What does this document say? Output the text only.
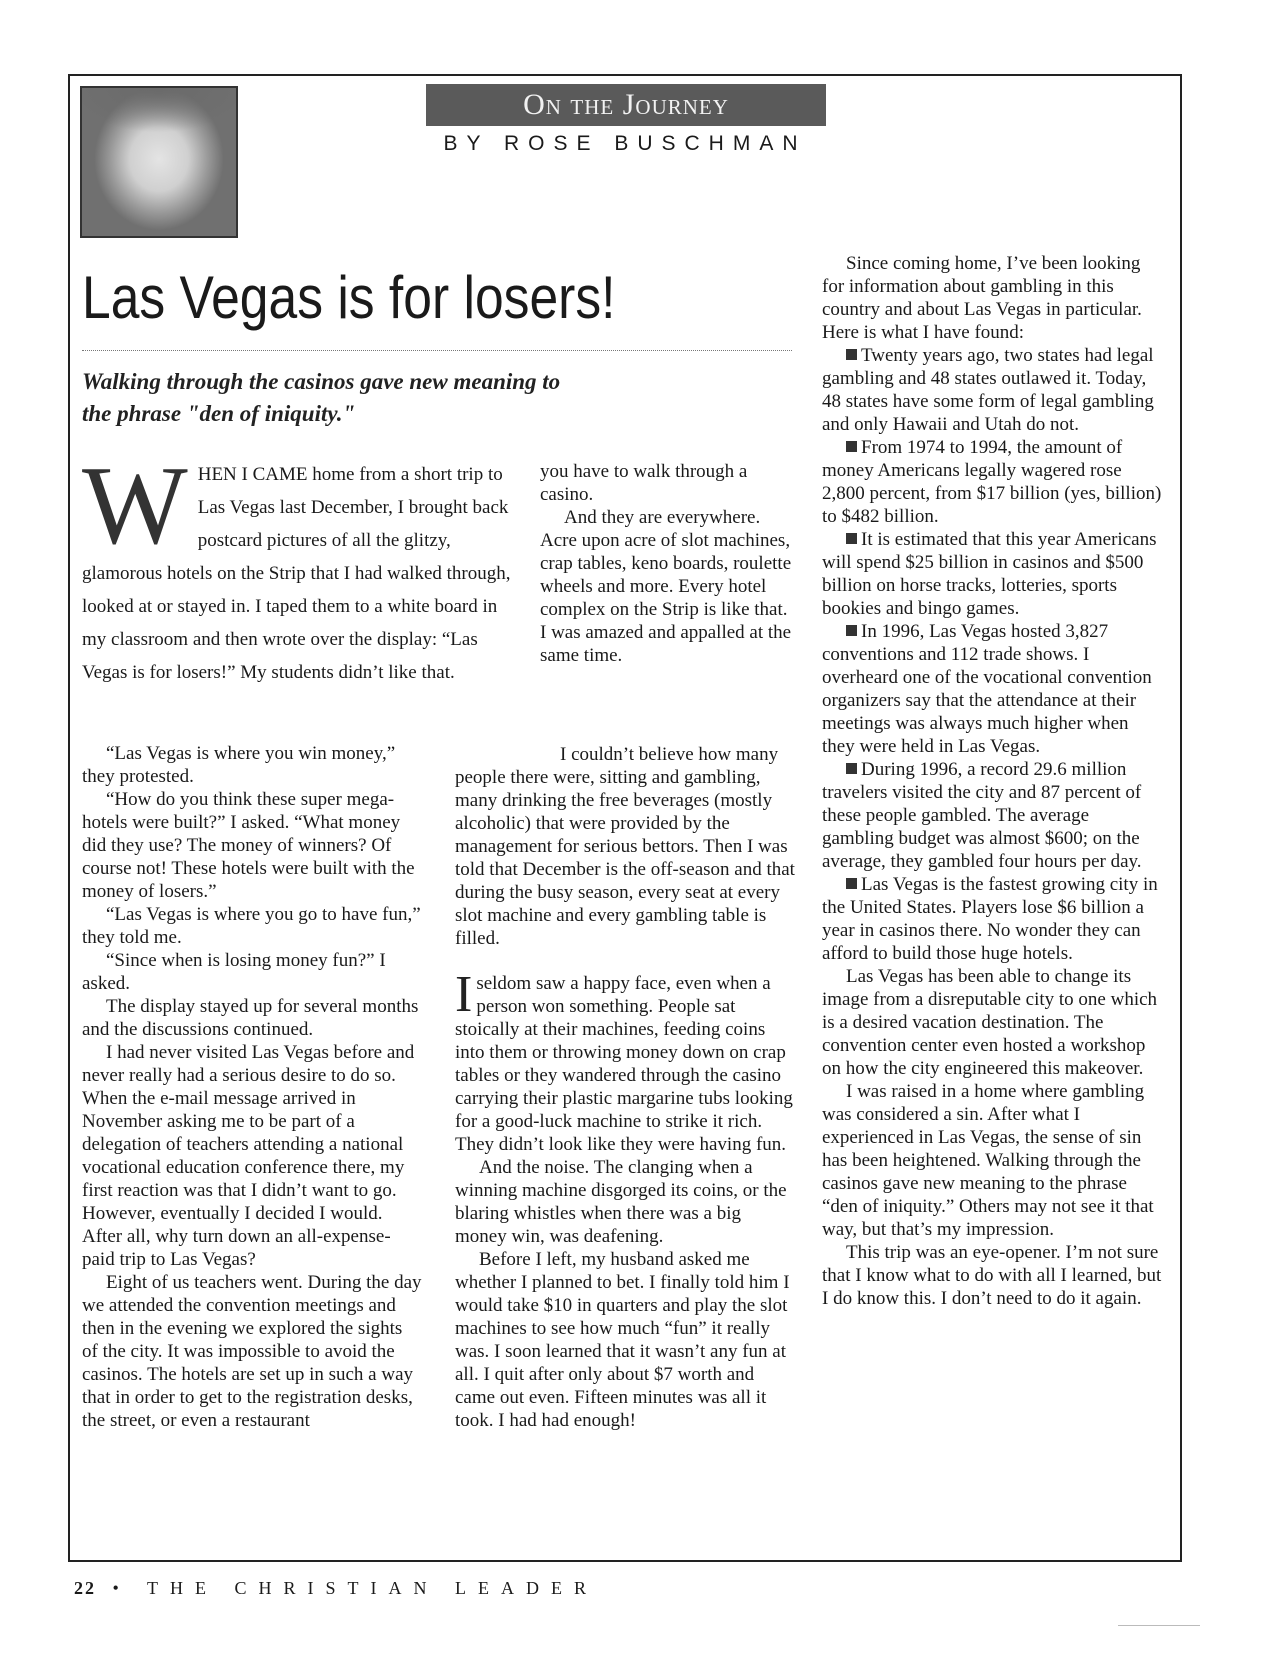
On the Journey
BY ROSE BUSCHMAN
Las Vegas is for losers!
Walking through the casinos gave new meaning to the phrase "den of iniquity."

WHEN I CAME home from a short trip to Las Vegas last December, I brought back postcard pictures of all the glitzy, glamorous hotels on the Strip that I had walked through, looked at or stayed in. I taped them to a white board in my classroom and then wrote over the display: “Las Vegas is for losers!” My students didn’t like that.

“Las Vegas is where you win money,” they protested.

“How do you think these super mega-hotels were built?” I asked. “What money did they use? The money of winners? Of course not! These hotels were built with the money of losers.”

“Las Vegas is where you go to have fun,” they told me.

“Since when is losing money fun?” I asked.

The display stayed up for several months and the discussions continued.

I had never visited Las Vegas before and never really had a serious desire to do so. When the e-mail message arrived in November asking me to be part of a delegation of teachers attending a national vocational education conference there, my first reaction was that I didn’t want to go. However, eventually I decided I would. After all, why turn down an all-expense-paid trip to Las Vegas?

Eight of us teachers went. During the day we attended the convention meetings and then in the evening we explored the sights of the city. It was impossible to avoid the casinos. The hotels are set up in such a way that in order to get to the registration desks, the street, or even a restaurant

you have to walk through a casino.

And they are everywhere. Acre upon acre of slot machines, crap tables, keno boards, roulette wheels and more. Every hotel complex on the Strip is like that. I was amazed and appalled at the same time.

I couldn’t believe how many people there were, sitting and gambling, many drinking the free beverages (mostly alcoholic) that were provided by the management for serious bettors. Then I was told that December is the off-season and that during the busy season, every seat at every slot machine and every gambling table is filled.

Iseldom saw a happy face, even when a person won something. People sat stoically at their machines, feeding coins into them or throwing money down on crap tables or they wandered through the casino carrying their plastic margarine tubs looking for a good-luck machine to strike it rich. They didn’t look like they were having fun.

And the noise. The clanging when a winning machine disgorged its coins, or the blaring whistles when there was a big money win, was deafening.

Before I left, my husband asked me whether I planned to bet. I finally told him I would take $10 in quarters and play the slot machines to see how much “fun” it really was. I soon learned that it wasn’t any fun at all. I quit after only about $7 worth and came out even. Fifteen minutes was all it took. I had had enough!

Since coming home, I’ve been looking for information about gambling in this country and about Las Vegas in particular. Here is what I have found:

Twenty years ago, two states had legal gambling and 48 states outlawed it. Today, 48 states have some form of legal gambling and only Hawaii and Utah do not.

From 1974 to 1994, the amount of money Americans legally wagered rose 2,800 percent, from $17 billion (yes, billion) to $482 billion.

It is estimated that this year Americans will spend $25 billion in casinos and $500 billion on horse tracks, lotteries, sports bookies and bingo games.

In 1996, Las Vegas hosted 3,827 conventions and 112 trade shows. I overheard one of the vocational convention organizers say that the attendance at their meetings was always much higher when they were held in Las Vegas.

During 1996, a record 29.6 million travelers visited the city and 87 percent of these people gambled. The average gambling budget was almost $600; on the average, they gambled four hours per day.

Las Vegas is the fastest growing city in the United States. Players lose $6 billion a year in casinos there. No wonder they can afford to build those huge hotels.

Las Vegas has been able to change its image from a disreputable city to one which is a desired vacation destination. The convention center even hosted a workshop on how the city engineered this makeover.

I was raised in a home where gambling was considered a sin. After what I experienced in Las Vegas, the sense of sin has been heightened. Walking through the casinos gave new meaning to the phrase “den of iniquity.” Others may not see it that way, but that’s my impression.

This trip was an eye-opener. I’m not sure that I know what to do with all I learned, but I do know this. I don’t need to do it again.

22 • THE CHRISTIAN LEADER
